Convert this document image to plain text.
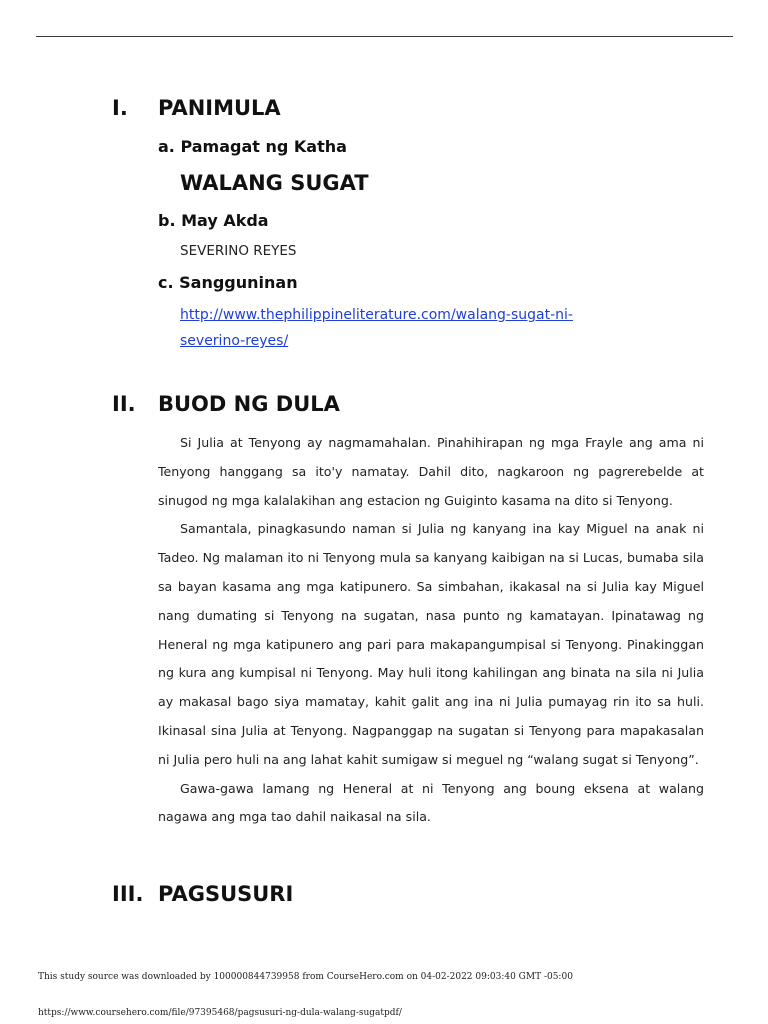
I. PANIMULA
a. Pamagat ng Katha
WALANG SUGAT
b. May Akda
SEVERINO REYES
c. Sangguninan
http://www.thephilippineliterature.com/walang-sugat-ni-
severino-reyes/
II. BUOD NG DULA

Si Julia at Tenyong ay nagmamahalan. Pinahihirapan ng mga Frayle ang ama ni Tenyong hanggang sa ito'y namatay. Dahil dito, nagkaroon ng pagrerebelde at sinugod ng mga kalalakihan ang estacion ng Guiginto kasama na dito si Tenyong.

Samantala, pinagkasundo naman si Julia ng kanyang ina kay Miguel na anak ni Tadeo. Ng malaman ito ni Tenyong mula sa kanyang kaibigan na si Lucas, bumaba sila sa bayan kasama ang mga katipunero. Sa simbahan, ikakasal na si Julia kay Miguel nang dumating si Tenyong na sugatan, nasa punto ng kamatayan. Ipinatawag ng Heneral ng mga katipunero ang pari para makapangumpisal si Tenyong. Pinakinggan ng kura ang kumpisal ni Tenyong. May huli itong kahilingan ang binata na sila ni Julia ay makasal bago siya mamatay, kahit galit ang ina ni Julia pumayag rin ito sa huli. Ikinasal sina Julia at Tenyong. Nagpanggap na sugatan si Tenyong para mapakasalan ni Julia pero huli na ang lahat kahit sumigaw si meguel ng “walang sugat si Tenyong”.

Gawa-gawa lamang ng Heneral at ni Tenyong ang boung eksena at walang nagawa ang mga tao dahil naikasal na sila.

III. PAGSUSURI
This study source was downloaded by 100000844739958 from CourseHero.com on 04-02-2022 09:03:40 GMT -05:00
https://www.coursehero.com/file/97395468/pagsusuri-ng-dula-walang-sugatpdf/
